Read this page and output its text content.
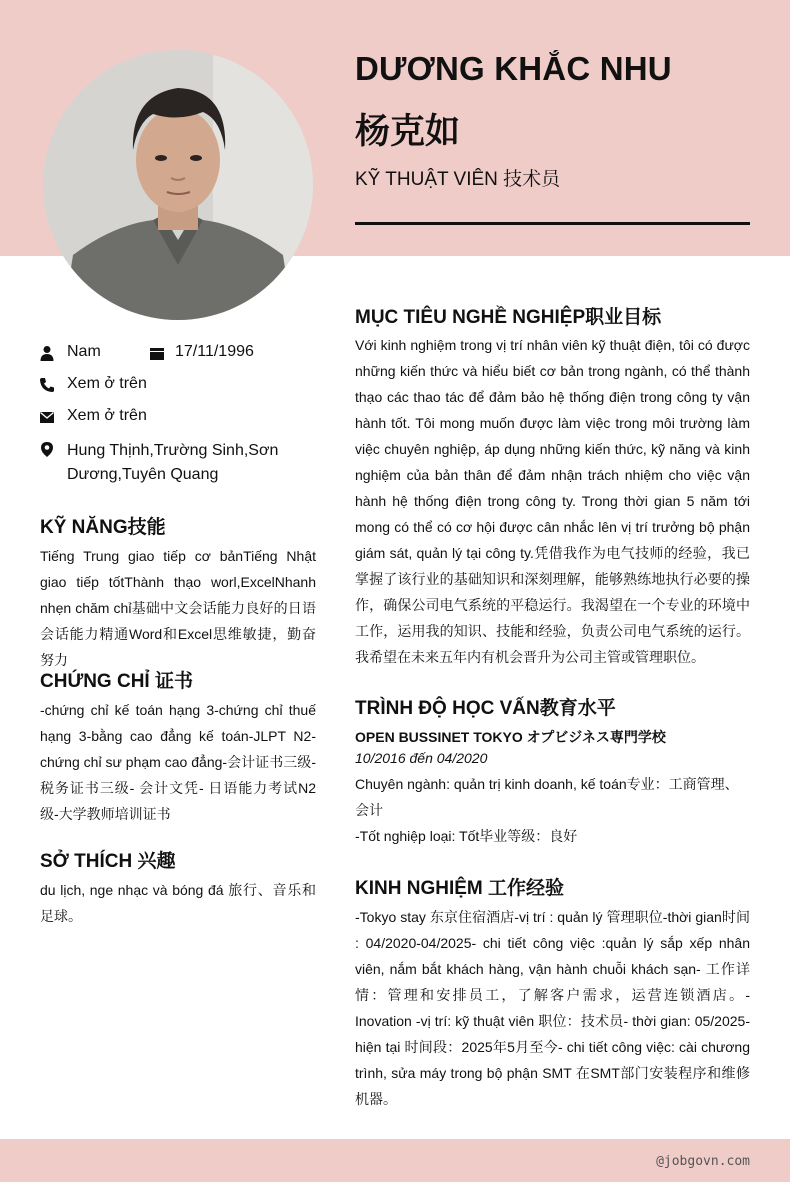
DƯƠNG KHẮC NHU
杨克如
KỸ THUẬT VIÊN 技术员
Nam	17/11/1996
Xem ở trên
Xem ở trên
Hung Thịnh,Trường Sinh,Sơn Dương,Tuyên Quang
KỸ NĂNG技能

Tiếng Trung giao tiếp cơ bảnTiếng Nhật giao tiếp tốtThành thạo worl,ExcelNhanh nhẹn chăm chỉ基础中文会话能力良好的日语会话能力精通Word和Excel思维敏捷，勤奋努力

CHỨNG CHỈ 证书

-chứng chỉ kế toán hạng 3-chứng chỉ thuế hạng 3-bằng cao đẳng kế toán-JLPT N2-chứng chỉ sư phạm cao đẳng-会计证书三级-税务证书三级- 会计文凭- 日语能力考试N2级-大学教师培训证书

SỞ THÍCH 兴趣

du lịch, nge nhạc và bóng đá 旅行、音乐和足球。

MỤC TIÊU NGHỀ NGHIỆP职业目标

Với kinh nghiệm trong vị trí nhân viên kỹ thuật điện, tôi có được những kiến thức và hiểu biết cơ bản trong ngành, có thể thành thạo các thao tác để đảm bảo hệ thống điện trong công ty vận hành tốt. Tôi mong muốn được làm việc trong môi trường làm việc chuyên nghiệp, áp dụng những kiến thức, kỹ năng và kinh nghiệm của bản thân để đảm nhận trách nhiệm cho việc vận hành hệ thống điện trong công ty. Trong thời gian 5 năm tới mong có thể có cơ hội được cân nhắc lên vị trí trưởng bộ phận giám sát, quản lý tại công ty.凭借我作为电气技师的经验，我已掌握了该行业的基础知识和深刻理解，能够熟练地执行必要的操作，确保公司电气系统的平稳运行。我渴望在一个专业的环境中工作，运用我的知识、技能和经验，负责公司电气系统的运行。我希望在未来五年内有机会晋升为公司主管或管理职位。

TRÌNH ĐỘ HỌC VẤN教育水平
OPEN BUSSINET TOKYO オプビジネス専門学校
10/2016 đến 04/2020
Chuyên ngành: quản trị kinh doanh, kế toán专业：工商管理、会计
-Tốt nghiệp loại: Tốt毕业等级：良好
KINH NGHIỆM 工作经验

-Tokyo stay 东京住宿酒店-vị trí : quản lý 管理职位-thời gian时间 : 04/2020-04/2025- chi tiết công việc :quản lý sắp xếp nhân viên, nắm bắt khách hàng, vận hành chuỗi khách sạn- 工作详情：管理和安排员工，了解客户需求，运营连锁酒店。-Inovation -vị trí: kỹ thuật viên 职位：技术员- thời gian: 05/2025-hiện tại 时间段：2025年5月至今- chi tiết công việc: cài chương trình, sửa máy trong bộ phận SMT 在SMT部门安装程序和维修机器。

@jobgovn.com
